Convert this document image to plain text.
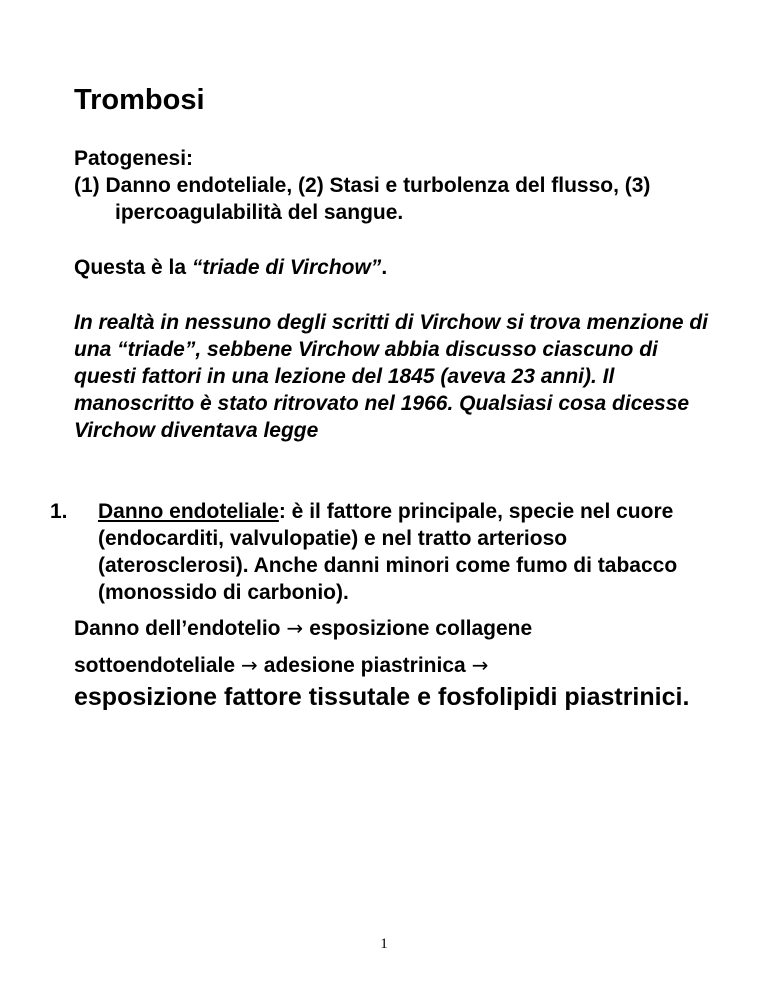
Trombosi
Patogenesi:
(1) Danno endoteliale, (2) Stasi e turbolenza del flusso, (3) ipercoagulabilità del sangue.
Questa è la “triade di Virchow”.
In realtà in nessuno degli scritti di Virchow si trova menzione di una “triade”, sebbene Virchow abbia discusso ciascuno di questi fattori in una lezione del 1845 (aveva 23 anni). Il manoscritto è stato ritrovato nel 1966. Qualsiasi cosa dicesse Virchow diventava legge
1. Danno endoteliale: è il fattore principale, specie nel cuore (endocarditi, valvulopatie) e nel tratto arterioso (aterosclerosi). Anche danni minori come fumo di tabacco (monossido di carbonio).
Danno dell’endotelio → esposizione collagene
sottoendoteliale → adesione piastrinica →
esposizione fattore tissutale e fosfolipidi piastrinici.
1
